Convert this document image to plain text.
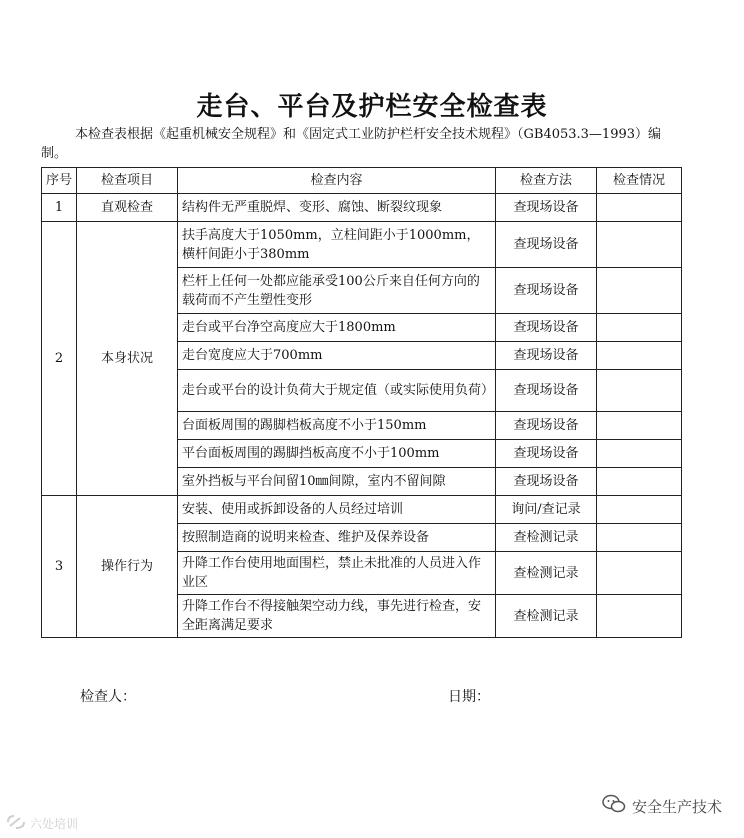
走台、平台及护栏安全检查表
本检查表根据《起重机械安全规程》和《固定式工业防护栏杆安全技术规程》（GB4053.3—1993）编制。
序号	检查项目	检查内容	检查方法	检查情况
1	直观检查	结构件无严重脱焊、变形、腐蚀、断裂纹现象	查现场设备	
2	本身状况	扶手高度大于1050mm，立柱间距小于1000mm，横杆间距小于380mm	查现场设备	
		栏杆上任何一处都应能承受100公斤来自任何方向的载荷而不产生塑性变形	查现场设备	
		走台或平台净空高度应大于1800mm	查现场设备	
		走台宽度应大于700mm	查现场设备	
		走台或平台的设计负荷大于规定值（或实际使用负荷）	查现场设备	
		台面板周围的踢脚档板高度不小于150mm	查现场设备	
		平台面板周围的踢脚挡板高度不小于100mm	查现场设备	
		室外挡板与平台间留10㎜间隙，室内不留间隙	查现场设备	
3	操作行为	安装、使用或拆卸设备的人员经过培训	询问/查记录	
		按照制造商的说明来检查、维护及保养设备	查检测记录	
		升降工作台使用地面围栏，禁止未批准的人员进入作业区	查检测记录	
		升降工作台不得接触架空动力线，事先进行检查，安全距离满足要求	查检测记录	
检查人：	日期：
六处培训
安全生产技术
